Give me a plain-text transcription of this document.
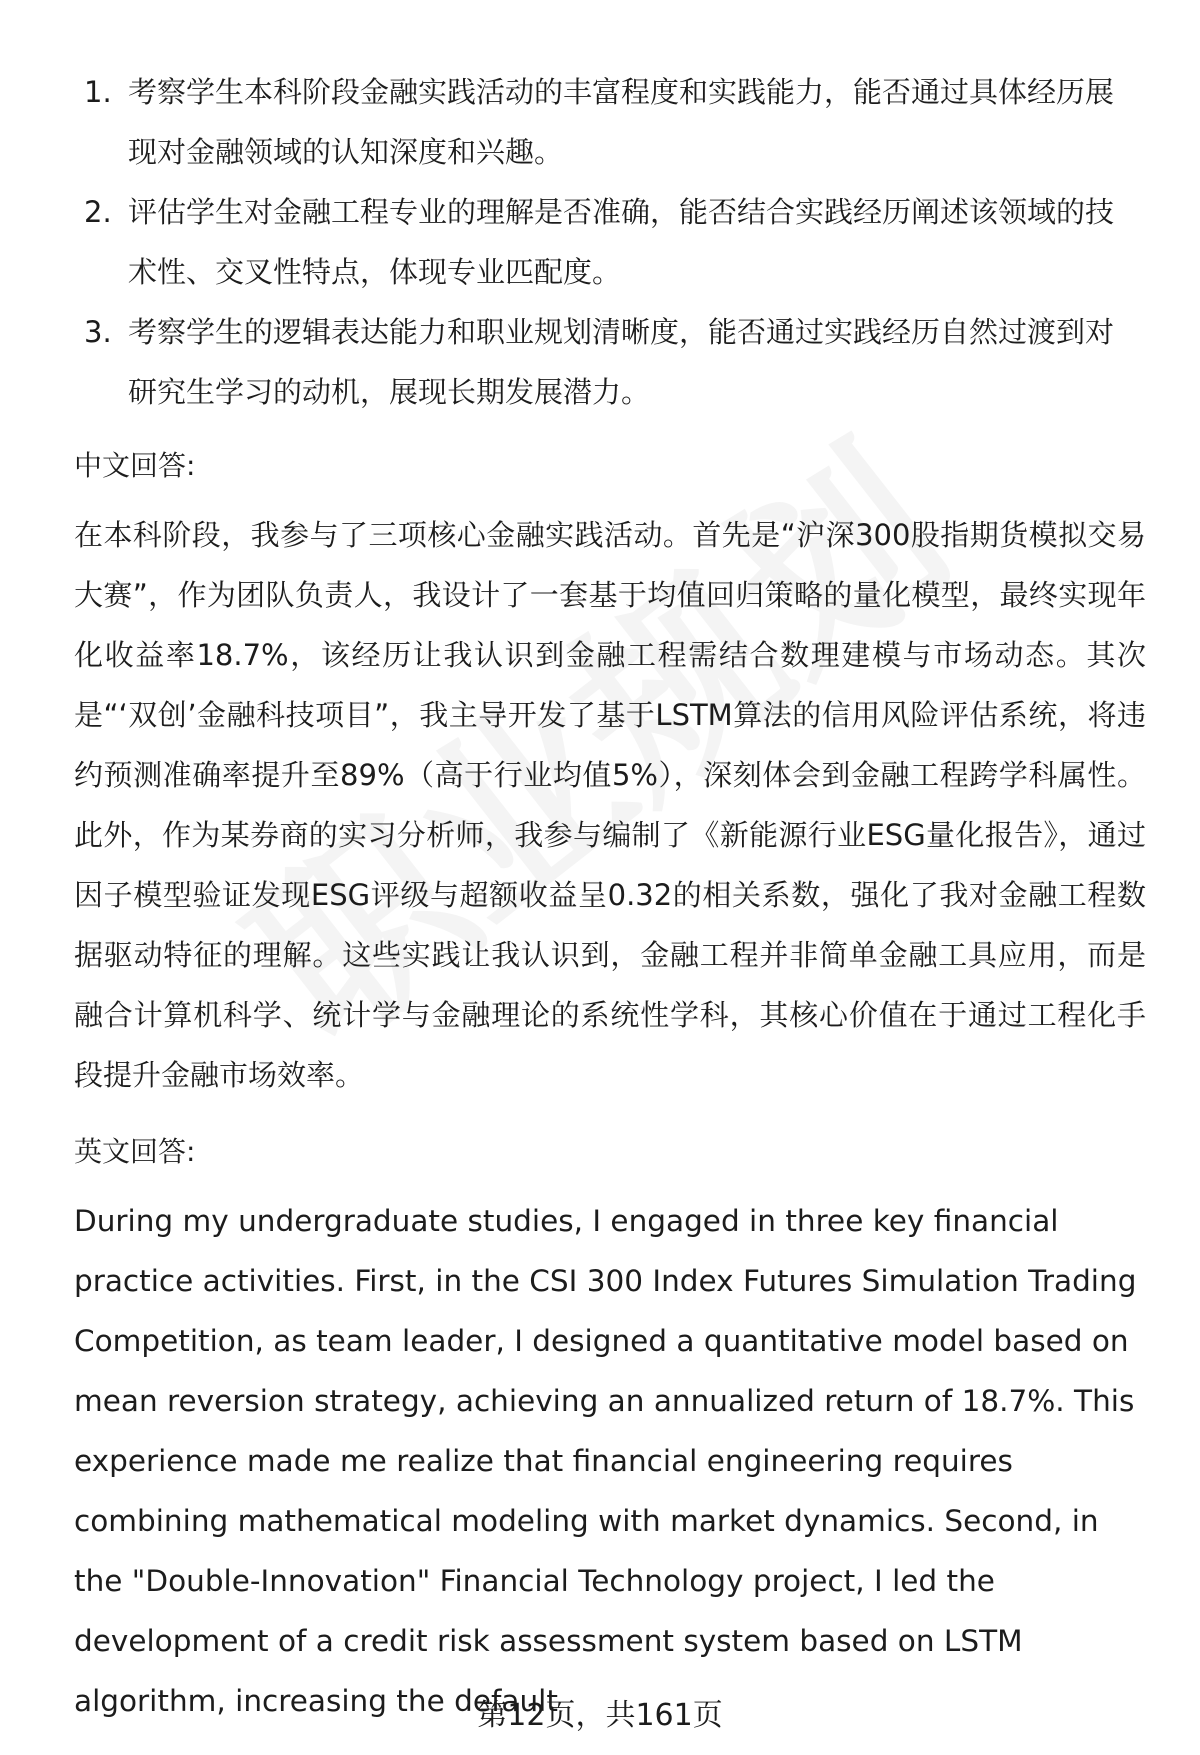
1. 考察学生本科阶段金融实践活动的丰富程度和实践能力，能否通过具体经历展现对金融领域的认知深度和兴趣。
2. 评估学生对金融工程专业的理解是否准确，能否结合实践经历阐述该领域的技术性、交叉性特点，体现专业匹配度。
3. 考察学生的逻辑表达能力和职业规划清晰度，能否通过实践经历自然过渡到对研究生学习的动机，展现长期发展潜力。
中文回答:

在本科阶段，我参与了三项核心金融实践活动。首先是“沪深300股指期货模拟交易大赛”，作为团队负责人，我设计了一套基于均值回归策略的量化模型，最终实现年化收益率18.7%，该经历让我认识到金融工程需结合数理建模与市场动态。其次是“‘双创’金融科技项目”，我主导开发了基于LSTM算法的信用风险评估系统，将违约预测准确率提升至89%（高于行业均值5%），深刻体会到金融工程跨学科属性。此外，作为某券商的实习分析师，我参与编制了《新能源行业ESG量化报告》，通过因子模型验证发现ESG评级与超额收益呈0.32的相关系数，强化了我对金融工程数据驱动特征的理解。这些实践让我认识到，金融工程并非简单金融工具应用，而是融合计算机科学、统计学与金融理论的系统性学科，其核心价值在于通过工程化手段提升金融市场效率。

英文回答:

During my undergraduate studies, I engaged in three key financial practice activities. First, in the CSI 300 Index Futures Simulation Trading Competition, as team leader, I designed a quantitative model based on mean reversion strategy, achieving an annualized return of 18.7%. This experience made me realize that financial engineering requires combining mathematical modeling with market dynamics. Second, in the "Double-Innovation" Financial Technology project, I led the development of a credit risk assessment system based on LSTM algorithm, increasing the default

第12页，共161页
